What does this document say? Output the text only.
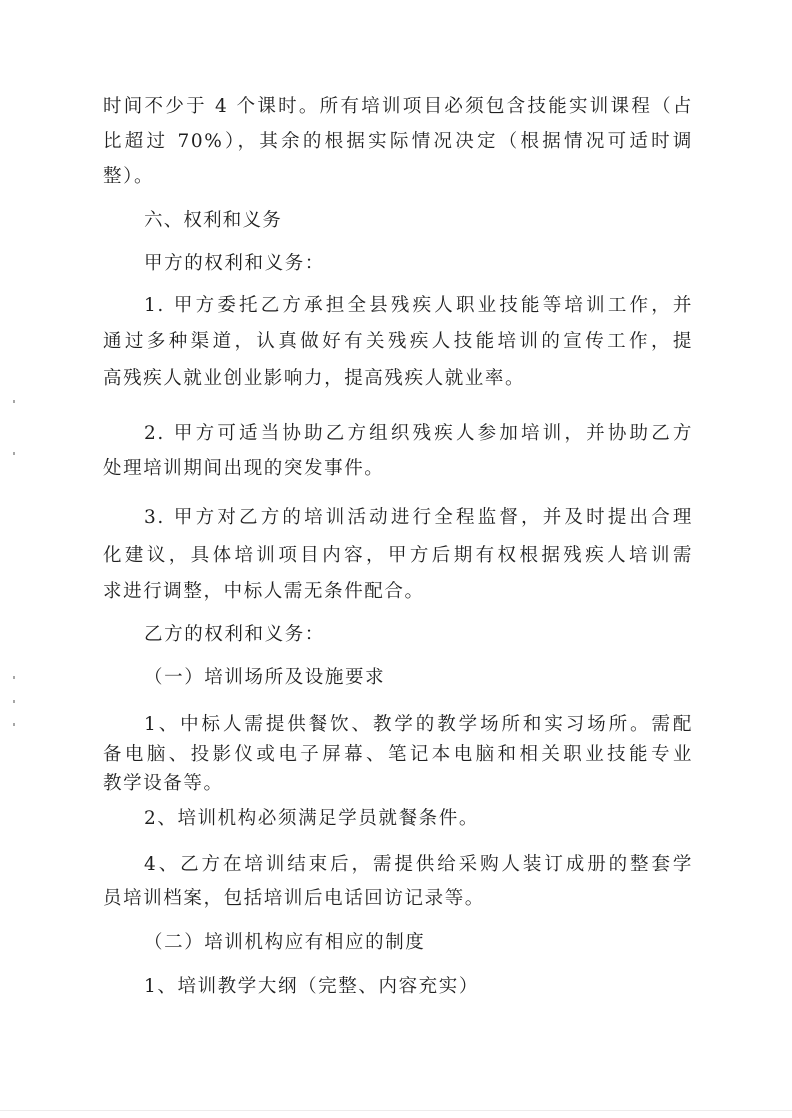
时间不少于 4 个课时。所有培训项目必须包含技能实训课程（占
比超过 70%），其余的根据实际情况决定（根据情况可适时调
整）。
六、权利和义务
甲方的权利和义务：
1. 甲方委托乙方承担全县残疾人职业技能等培训工作，并
通过多种渠道，认真做好有关残疾人技能培训的宣传工作，提
高残疾人就业创业影响力，提高残疾人就业率。
2. 甲方可适当协助乙方组织残疾人参加培训，并协助乙方
处理培训期间出现的突发事件。
3. 甲方对乙方的培训活动进行全程监督，并及时提出合理
化建议，具体培训项目内容，甲方后期有权根据残疾人培训需
求进行调整，中标人需无条件配合。
乙方的权利和义务：
（一）培训场所及设施要求
1、中标人需提供餐饮、教学的教学场所和实习场所。需配
备电脑、投影仪或电子屏幕、笔记本电脑和相关职业技能专业
教学设备等。
2、培训机构必须满足学员就餐条件。
4、乙方在培训结束后，需提供给采购人装订成册的整套学
员培训档案，包括培训后电话回访记录等。
（二）培训机构应有相应的制度
1、培训教学大纲（完整、内容充实）
